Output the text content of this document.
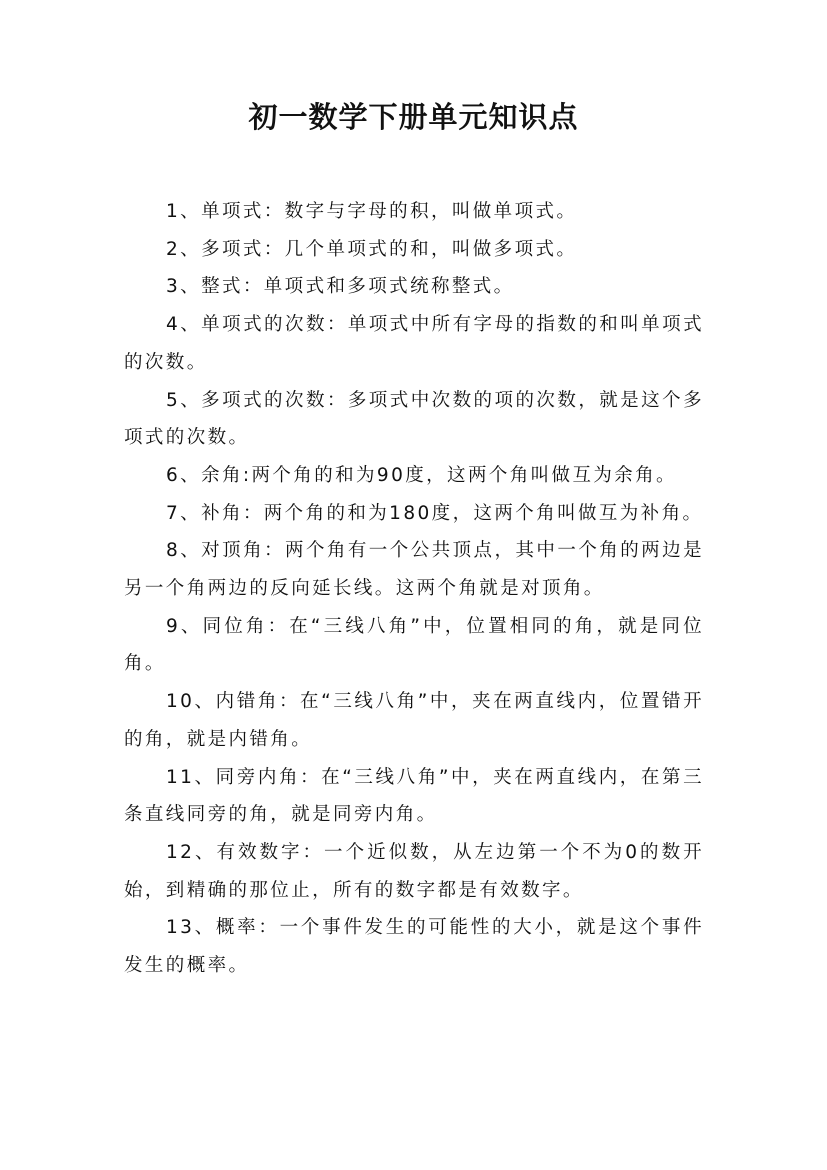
初一数学下册单元知识点

1、单项式：数字与字母的积，叫做单项式。

2、多项式：几个单项式的和，叫做多项式。

3、整式：单项式和多项式统称整式。

4、单项式的次数：单项式中所有字母的指数的和叫单项式的次数。

5、多项式的次数：多项式中次数的项的次数，就是这个多项式的次数。

6、余角:两个角的和为90度，这两个角叫做互为余角。

7、补角：两个角的和为180度，这两个角叫做互为补角。

8、对顶角：两个角有一个公共顶点，其中一个角的两边是另一个角两边的反向延长线。这两个角就是对顶角。

9、同位角：在“三线八角”中，位置相同的角，就是同位角。

10、内错角：在“三线八角”中，夹在两直线内，位置错开的角，就是内错角。

11、同旁内角：在“三线八角”中，夹在两直线内，在第三条直线同旁的角，就是同旁内角。

12、有效数字：一个近似数，从左边第一个不为0的数开始，到精确的那位止，所有的数字都是有效数字。

13、概率：一个事件发生的可能性的大小，就是这个事件发生的概率。
